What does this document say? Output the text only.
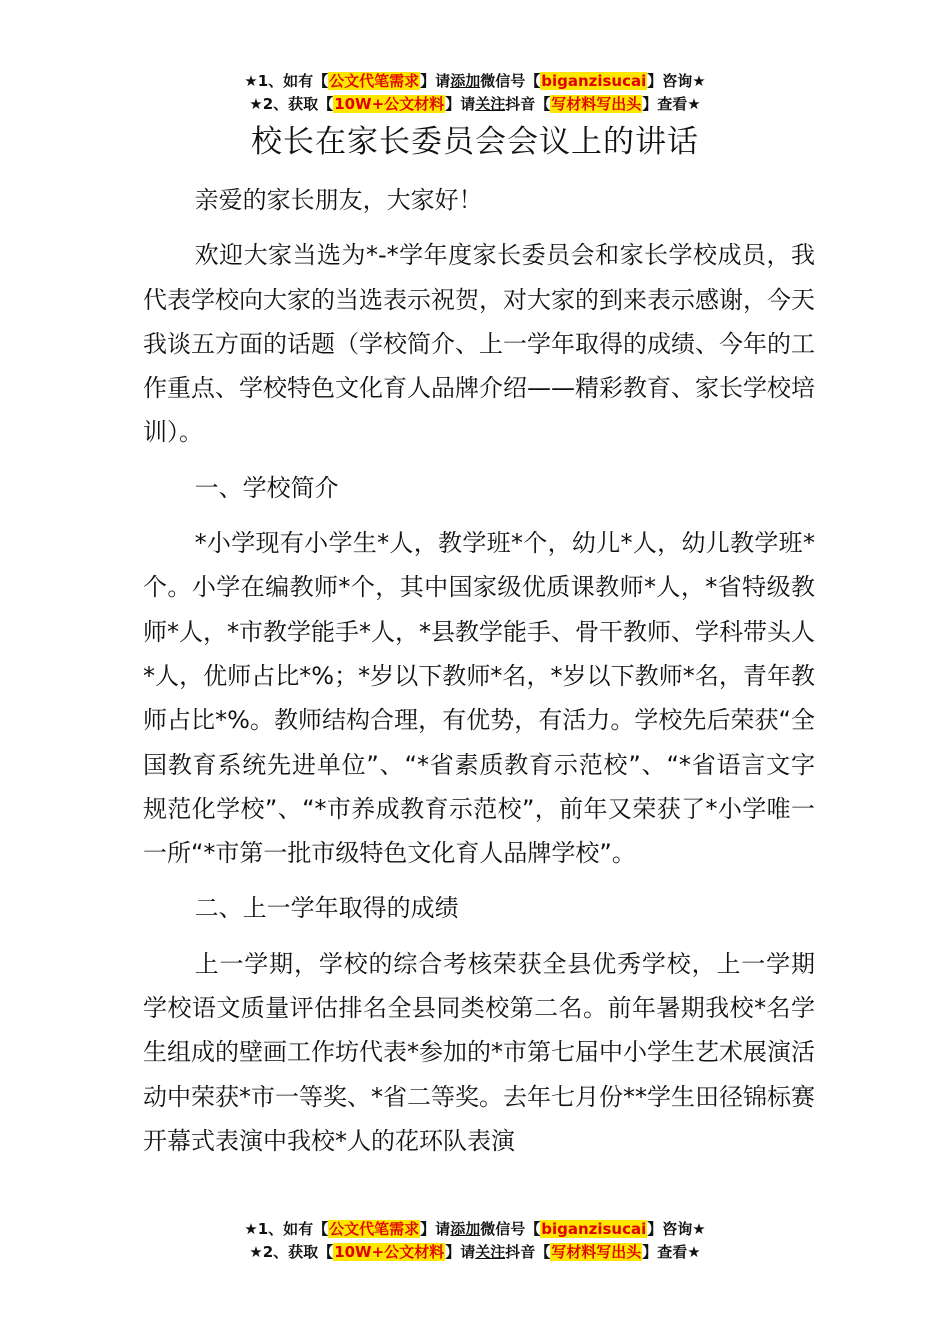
★1、如有【公文代笔需求】请添加微信号【biganzisucai】咨询★
★2、获取【10W+公文材料】请关注抖音【写材料写出头】查看★
校长在家长委员会会议上的讲话

亲爱的家长朋友，大家好！

欢迎大家当选为*-*学年度家长委员会和家长学校成员，我代表学校向大家的当选表示祝贺，对大家的到来表示感谢，今天我谈五方面的话题（学校简介、上一学年取得的成绩、今年的工作重点、学校特色文化育人品牌介绍——精彩教育、家长学校培训）。

一、学校简介

*小学现有小学生*人，教学班*个，幼儿*人，幼儿教学班*个。小学在编教师*个，其中国家级优质课教师*人，*省特级教师*人，*市教学能手*人，*县教学能手、骨干教师、学科带头人*人，优师占比*%；*岁以下教师*名，*岁以下教师*名，青年教师占比*%。教师结构合理，有优势，有活力。学校先后荣获“全国教育系统先进单位”、“*省素质教育示范校”、“*省语言文字规范化学校”、“*市养成教育示范校”，前年又荣获了*小学唯一一所“*市第一批市级特色文化育人品牌学校”。

二、上一学年取得的成绩

上一学期，学校的综合考核荣获全县优秀学校，上一学期学校语文质量评估排名全县同类校第二名。前年暑期我校*名学生组成的壁画工作坊代表*参加的*市第七届中小学生艺术展演活动中荣获*市一等奖、*省二等奖。去年七月份**学生田径锦标赛开幕式表演中我校*人的花环队表演

★1、如有【公文代笔需求】请添加微信号【biganzisucai】咨询★
★2、获取【10W+公文材料】请关注抖音【写材料写出头】查看★
